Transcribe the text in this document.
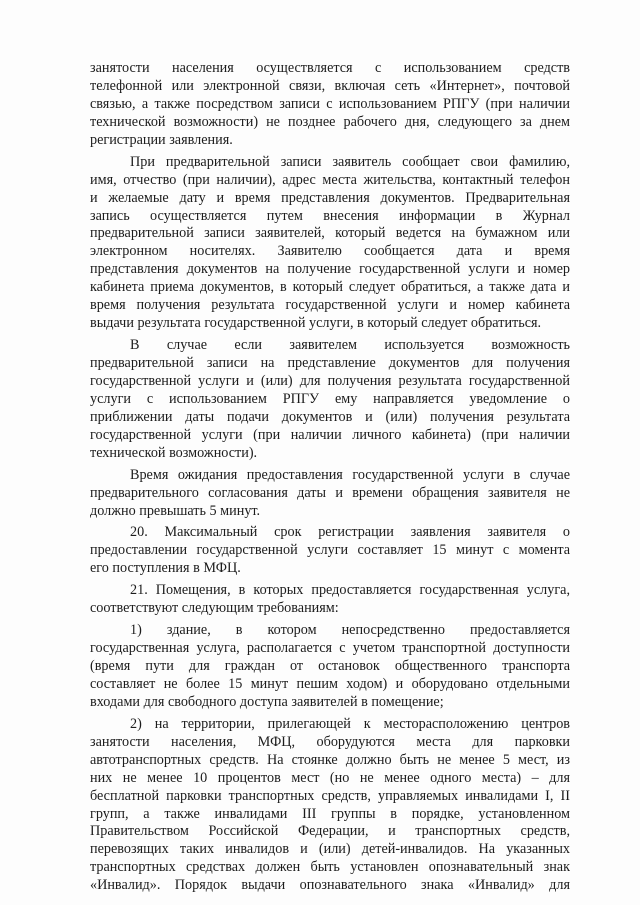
занятости населения осуществляется с использованием средств
телефонной или электронной связи, включая сеть «Интернет», почтовой
связью, а также посредством записи с использованием РПГУ (при наличии
технической возможности) не позднее рабочего дня, следующего за днем
регистрации заявления.
При предварительной записи заявитель сообщает свои фамилию,
имя, отчество (при наличии), адрес места жительства, контактный телефон
и желаемые дату и время представления документов. Предварительная
запись осуществляется путем внесения информации в Журнал
предварительной записи заявителей, который ведется на бумажном или
электронном носителях. Заявителю сообщается дата и время
представления документов на получение государственной услуги и номер
кабинета приема документов, в который следует обратиться, а также дата и
время получения результата государственной услуги и номер кабинета
выдачи результата государственной услуги, в который следует обратиться.
В случае если заявителем используется возможность
предварительной записи на представление документов для получения
государственной услуги и (или) для получения результата государственной
услуги с использованием РПГУ ему направляется уведомление о
приближении даты подачи документов и (или) получения результата
государственной услуги (при наличии личного кабинета) (при наличии
технической возможности).
Время ожидания предоставления государственной услуги в случае
предварительного согласования даты и времени обращения заявителя не
должно превышать 5 минут.
20. Максимальный срок регистрации заявления заявителя о
предоставлении государственной услуги составляет 15 минут с момента
его поступления в МФЦ.
21. Помещения, в которых предоставляется государственная услуга,
соответствуют следующим требованиям:
1) здание, в котором непосредственно предоставляется
государственная услуга, располагается с учетом транспортной доступности
(время пути для граждан от остановок общественного транспорта
составляет не более 15 минут пешим ходом) и оборудовано отдельными
входами для свободного доступа заявителей в помещение;
2) на территории, прилегающей к месторасположению центров
занятости населения, МФЦ, оборудуются места для парковки
автотранспортных средств. На стоянке должно быть не менее 5 мест, из
них не менее 10 процентов мест (но не менее одного места) – для
бесплатной парковки транспортных средств, управляемых инвалидами I, II
групп, а также инвалидами III группы в порядке, установленном
Правительством Российской Федерации, и транспортных средств,
перевозящих таких инвалидов и (или) детей-инвалидов. На указанных
транспортных средствах должен быть установлен опознавательный знак
«Инвалид». Порядок выдачи опознавательного знака «Инвалид» для
